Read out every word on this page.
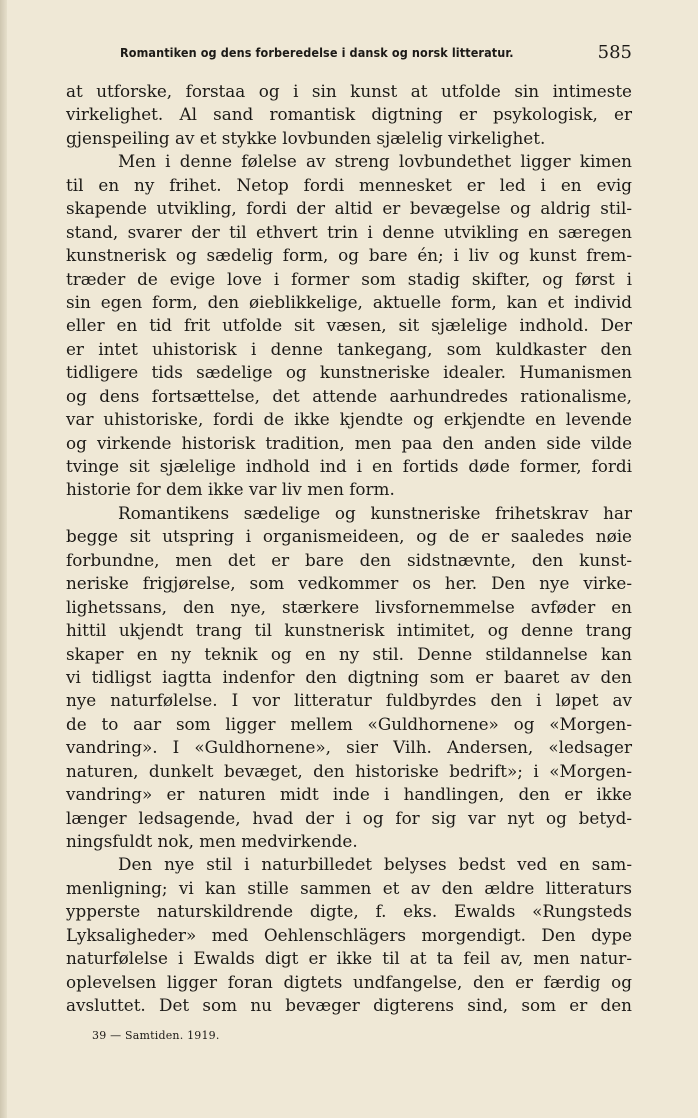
Romantiken og dens forberedelse i dansk og norsk litteratur.	585
at utforske, forstaa og i sin kunst at utfolde sin intimeste
virkelighet. Al sand romantisk digtning er psykologisk, er
gjenspeiling av et stykke lovbunden sjælelig virkelighet.
Men i denne følelse av streng lovbundethet ligger kimen
til en ny frihet. Netop fordi mennesket er led i en evig
skapende utvikling, fordi der altid er bevægelse og aldrig stil-
stand, svarer der til ethvert trin i denne utvikling en særegen
kunstnerisk og sædelig form, og bare én; i liv og kunst frem-
træder de evige love i former som stadig skifter, og først i
sin egen form, den øieblikkelige, aktuelle form, kan et individ
eller en tid frit utfolde sit væsen, sit sjælelige indhold. Der
er intet uhistorisk i denne tankegang, som kuldkaster den
tidligere tids sædelige og kunstneriske idealer. Humanismen
og dens fortsættelse, det attende aarhundredes rationalisme,
var uhistoriske, fordi de ikke kjendte og erkjendte en levende
og virkende historisk tradition, men paa den anden side vilde
tvinge sit sjælelige indhold ind i en fortids døde former, fordi
historie for dem ikke var liv men form.
Romantikens sædelige og kunstneriske frihetskrav har
begge sit utspring i organismeideen, og de er saaledes nøie
forbundne, men det er bare den sidstnævnte, den kunst-
neriske frigjørelse, som vedkommer os her. Den nye virke-
lighetssans, den nye, stærkere livsfornemmelse avføder en
hittil ukjendt trang til kunstnerisk intimitet, og denne trang
skaper en ny teknik og en ny stil. Denne stildannelse kan
vi tidligst iagtta indenfor den digtning som er baaret av den
nye naturfølelse. I vor litteratur fuldbyrdes den i løpet av
de to aar som ligger mellem «Guldhornene» og «Morgen-
vandring». I «Guldhornene», sier Vilh. Andersen, «ledsager
naturen, dunkelt bevæget, den historiske bedrift»; i «Morgen-
vandring» er naturen midt inde i handlingen, den er ikke
længer ledsagende, hvad der i og for sig var nyt og betyd-
ningsfuldt nok, men medvirkende.
Den nye stil i naturbilledet belyses bedst ved en sam-
menligning; vi kan stille sammen et av den ældre litteraturs
ypperste naturskildrende digte, f. eks. Ewalds «Rungsteds
Lyksaligheder» med Oehlenschlägers morgendigt. Den dype
naturfølelse i Ewalds digt er ikke til at ta feil av, men natur-
oplevelsen ligger foran digtets undfangelse, den er færdig og
avsluttet. Det som nu bevæger digterens sind, som er den
39 — Samtiden. 1919.
